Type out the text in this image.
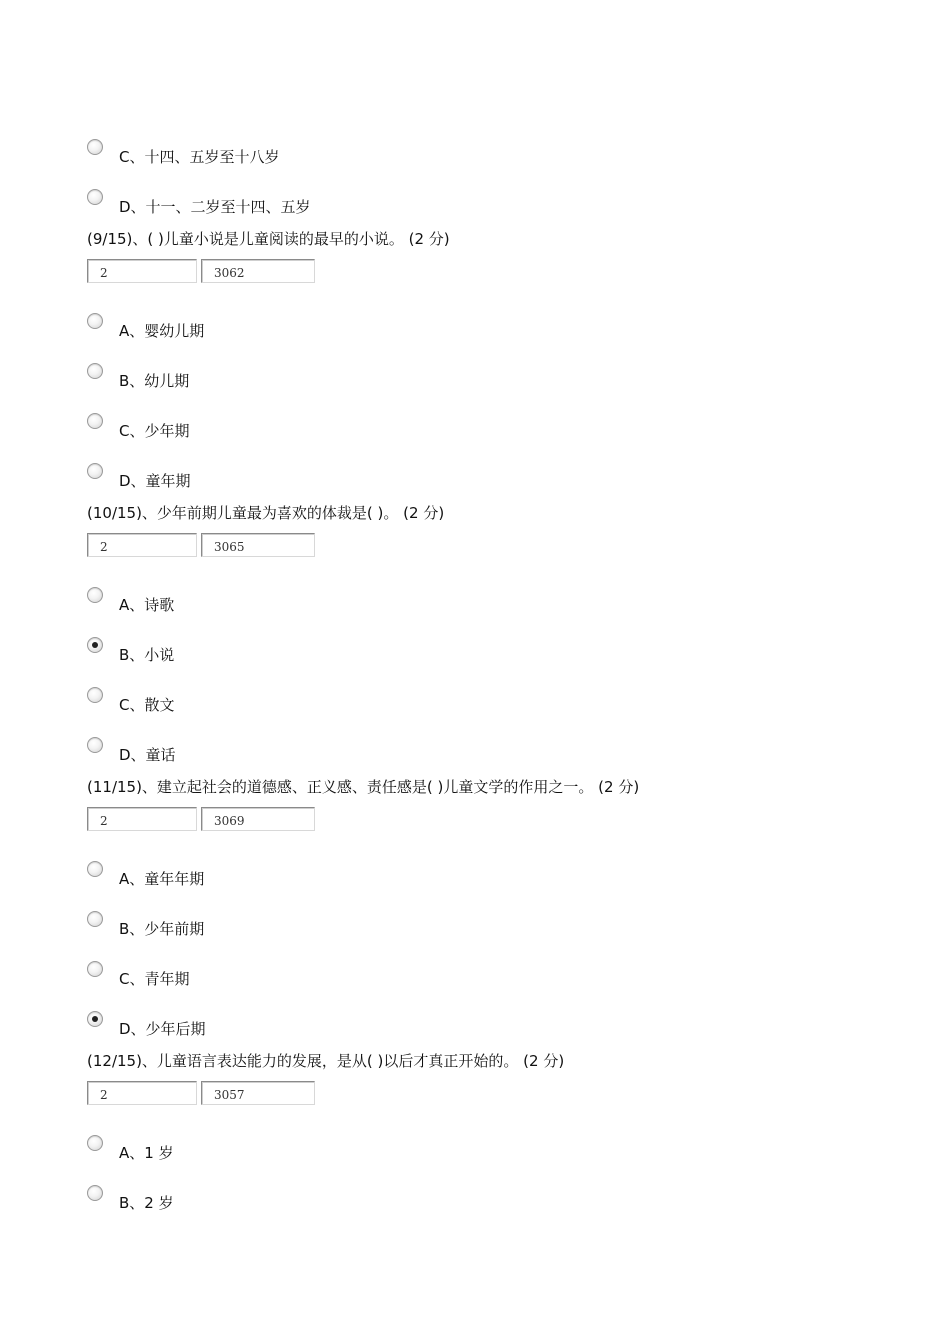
C、十四、五岁至十八岁
D、十一、二岁至十四、五岁
(9/15)、( )儿童小说是儿童阅读的最早的小说。 (2 分)
2
3062
A、婴幼儿期
B、幼儿期
C、少年期
D、童年期
(10/15)、少年前期儿童最为喜欢的体裁是( )。 (2 分)
2
3065
A、诗歌
B、小说
C、散文
D、童话
(11/15)、建立起社会的道德感、正义感、责任感是( )儿童文学的作用之一。 (2 分)
2
3069
A、童年年期
B、少年前期
C、青年期
D、少年后期
(12/15)、儿童语言表达能力的发展，是从( )以后才真正开始的。 (2 分)
2
3057
A、1 岁
B、2 岁
